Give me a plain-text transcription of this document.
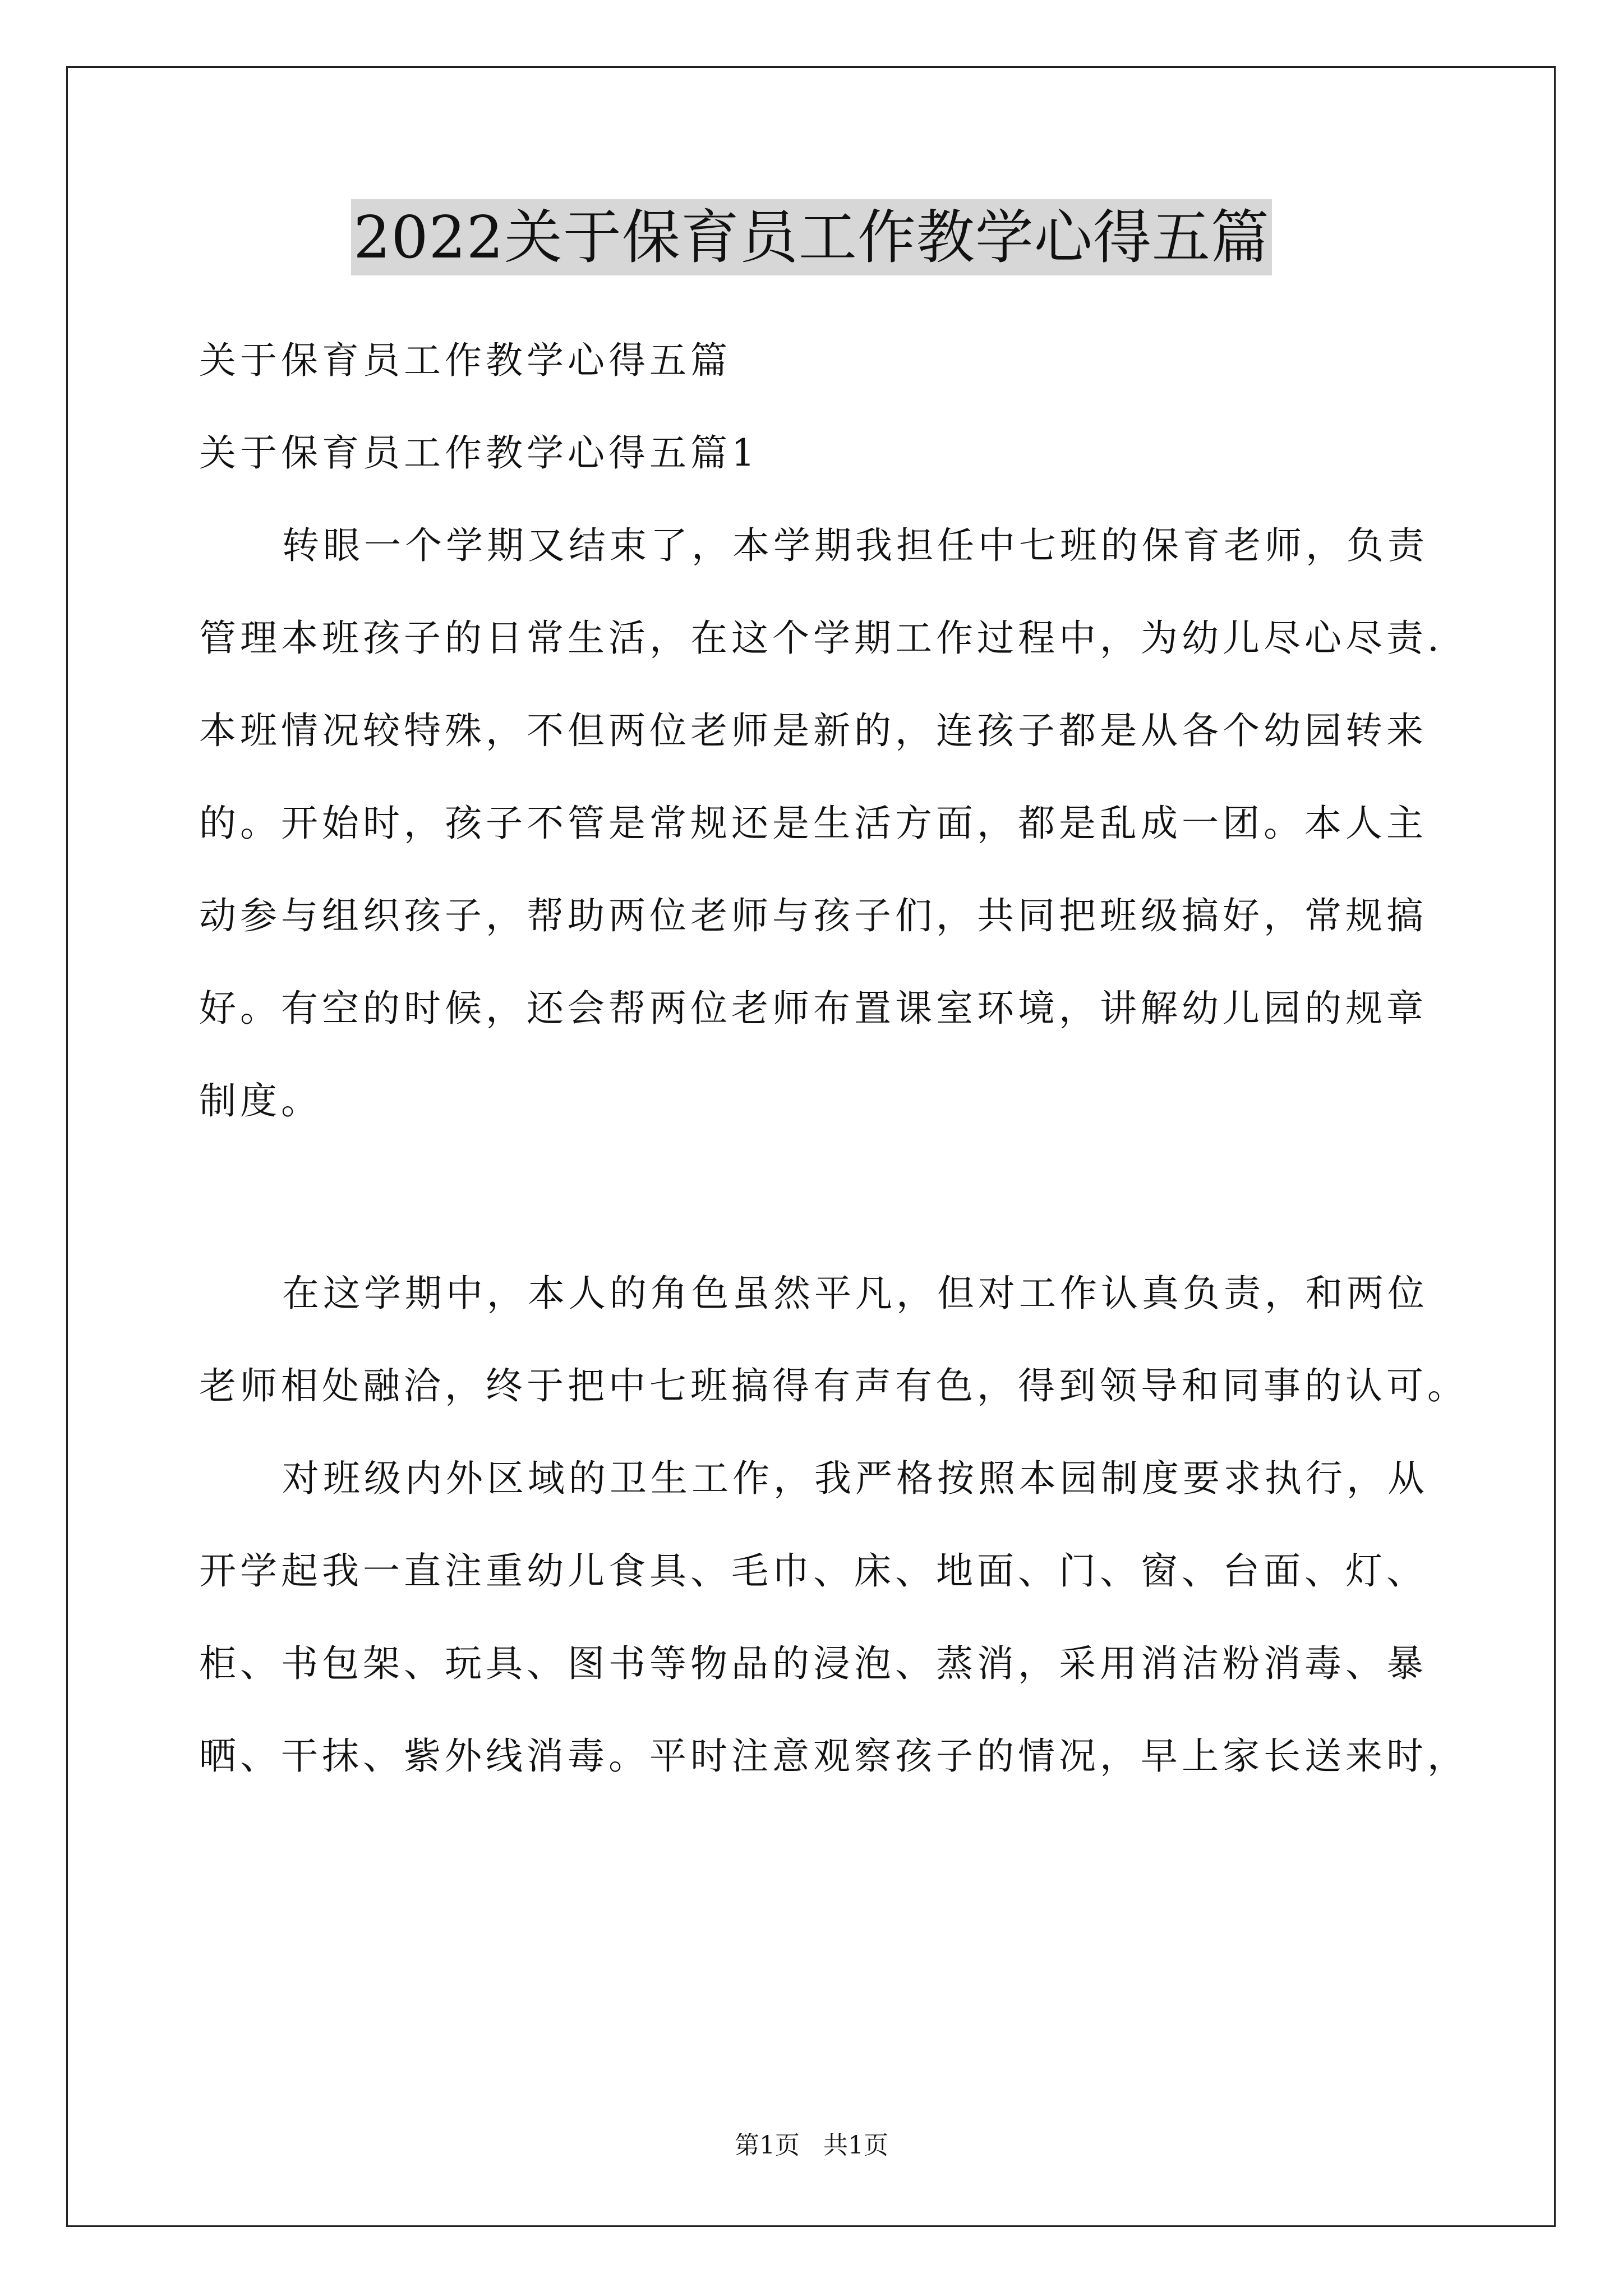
2022关于保育员工作教学心得五篇
关于保育员工作教学心得五篇
关于保育员工作教学心得五篇1
转眼一个学期又结束了，本学期我担任中七班的保育老师，负责
管理本班孩子的日常生活，在这个学期工作过程中，为幼儿尽心尽责.
本班情况较特殊，不但两位老师是新的，连孩子都是从各个幼园转来
的。开始时，孩子不管是常规还是生活方面，都是乱成一团。本人主
动参与组织孩子，帮助两位老师与孩子们，共同把班级搞好，常规搞
好。有空的时候，还会帮两位老师布置课室环境，讲解幼儿园的规章
制度。
在这学期中，本人的角色虽然平凡，但对工作认真负责，和两位
老师相处融洽，终于把中七班搞得有声有色，得到领导和同事的认可。
对班级内外区域的卫生工作，我严格按照本园制度要求执行，从
开学起我一直注重幼儿食具、毛巾、床、地面、门、窗、台面、灯、
柜、书包架、玩具、图书等物品的浸泡、蒸消，采用消洁粉消毒、暴
晒、干抹、紫外线消毒。平时注意观察孩子的情况，早上家长送来时，
第1页   共1页
